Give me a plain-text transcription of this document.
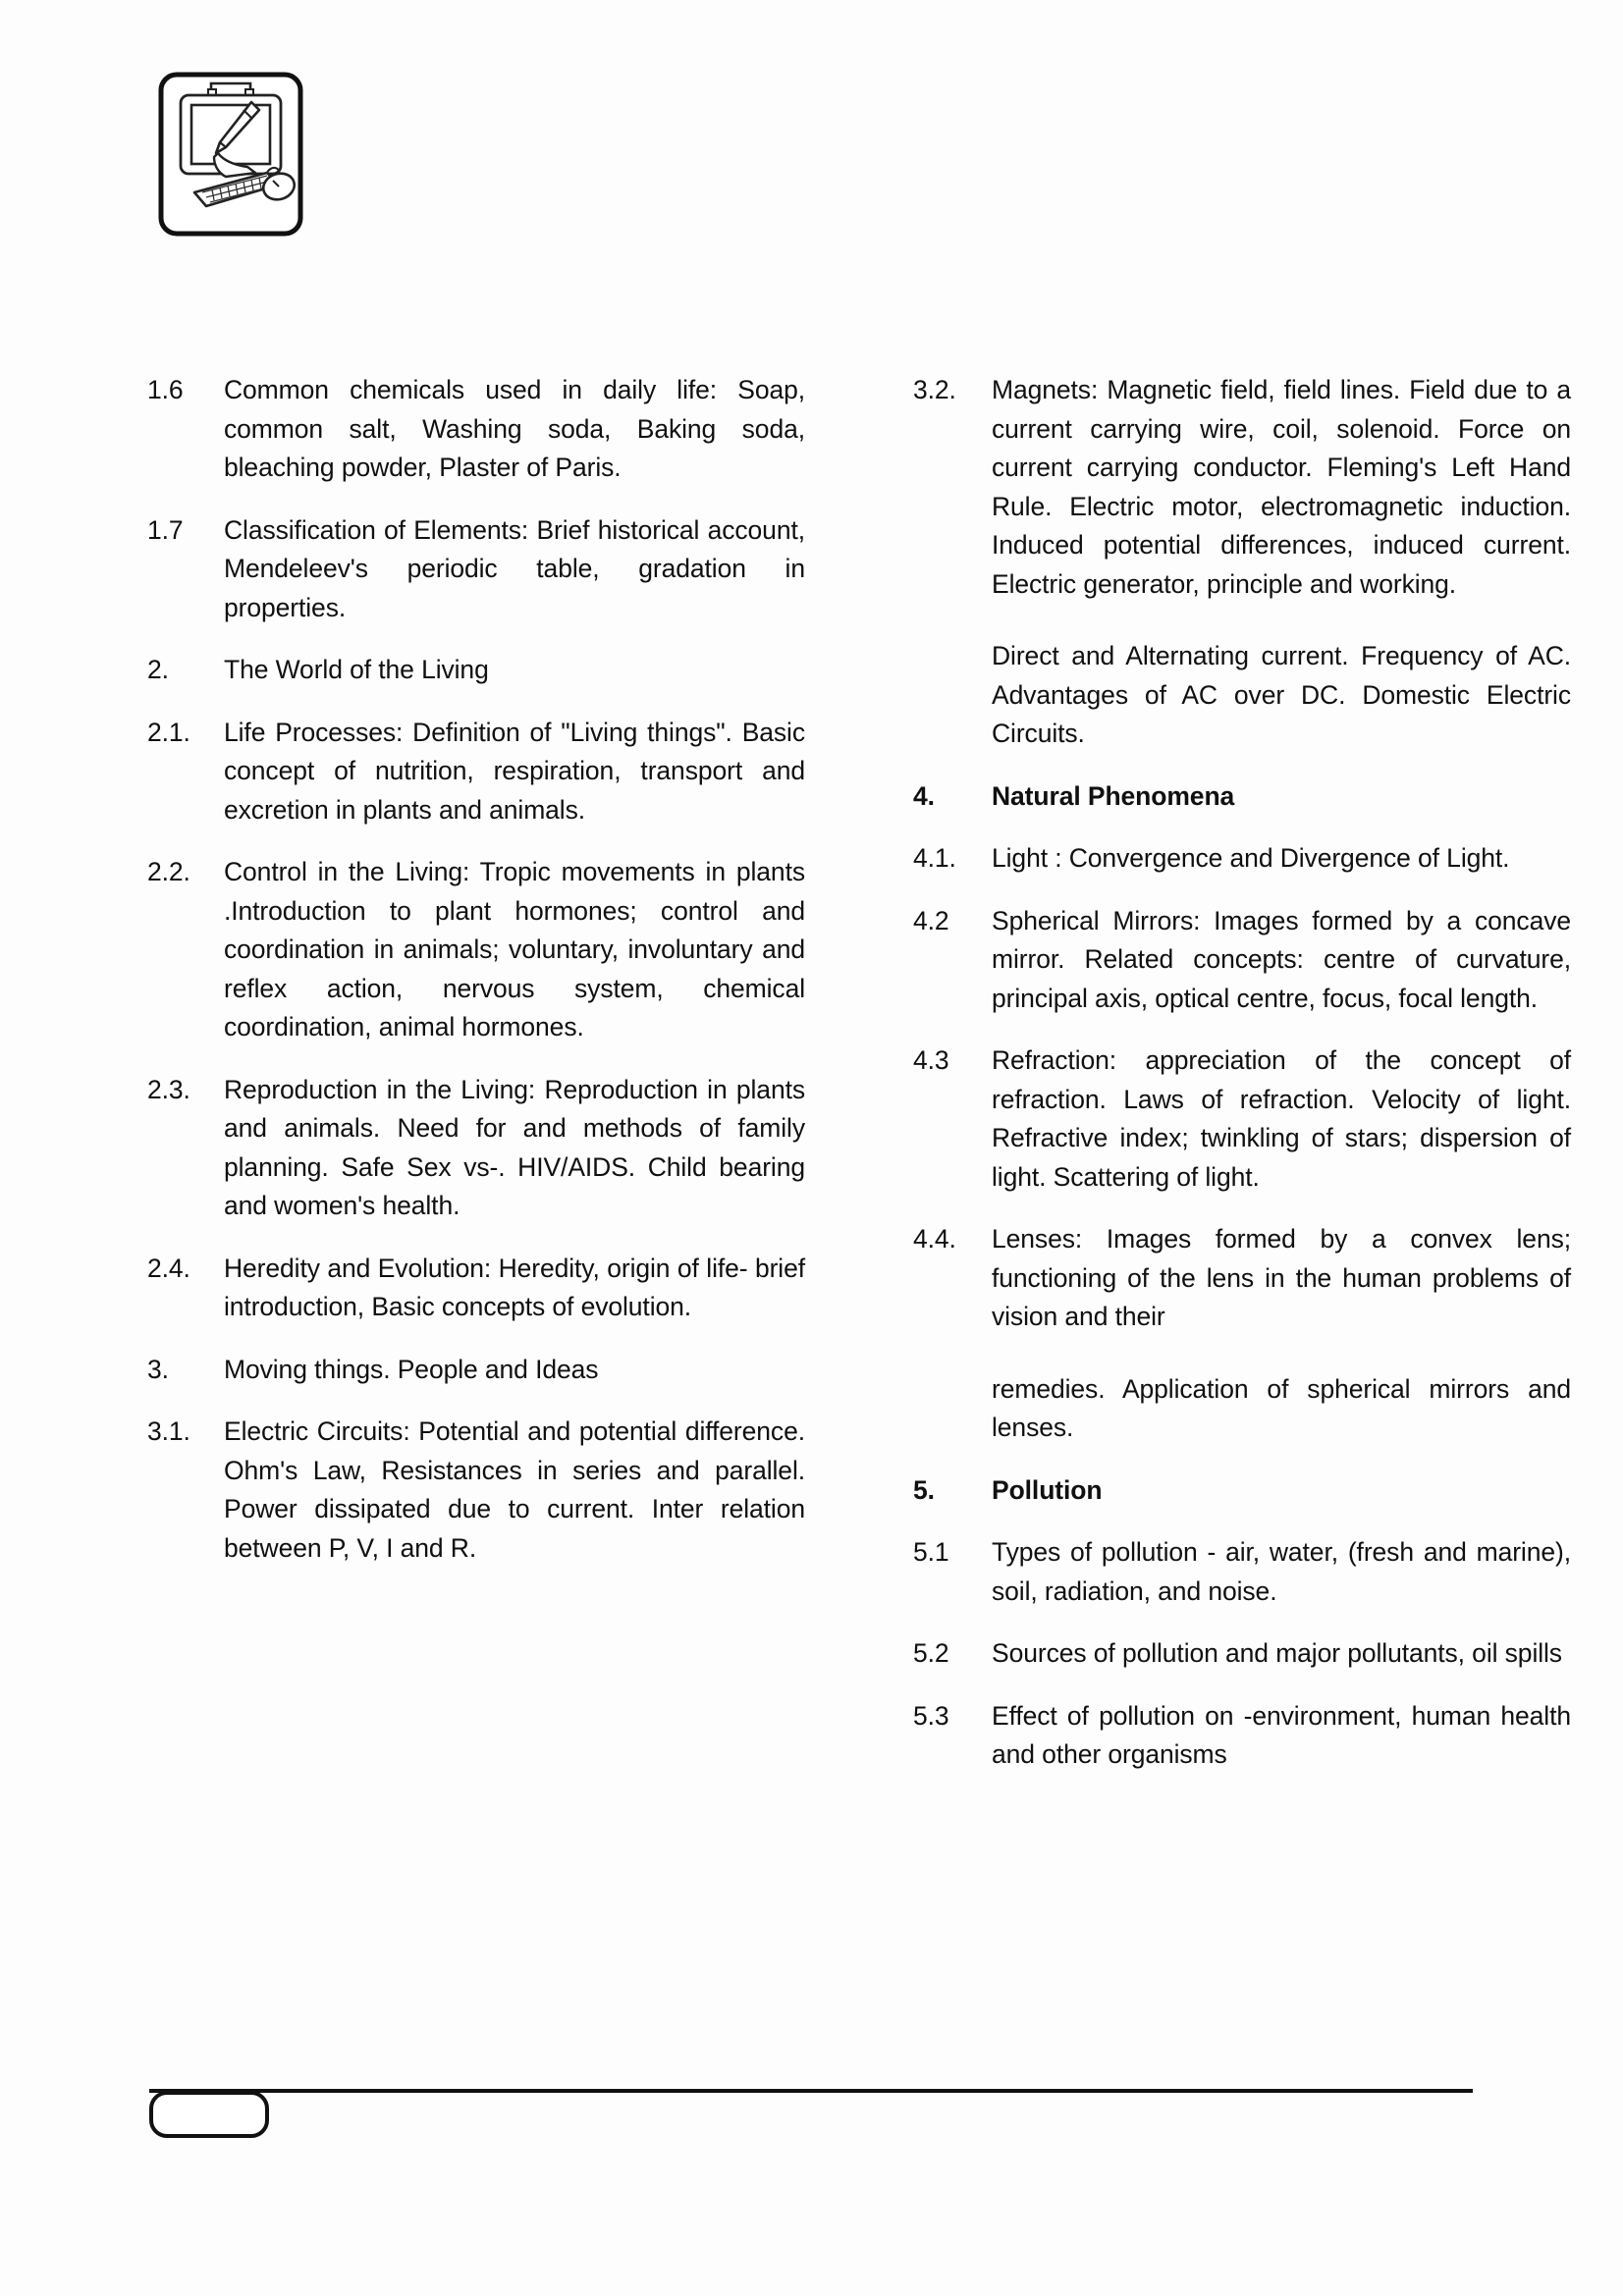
1.6	Common chemicals used in daily life: Soap, common salt, Washing soda, Baking soda, bleaching powder, Plaster of Paris.

1.7	Classification of Elements: Brief historical account, Mendeleev's periodic table, gradation in properties.

2.	The World of the Living

2.1.	Life Processes: Definition of "Living things". Basic concept of nutrition, respiration, transport and excretion in plants and animals.

2.2.	Control in the Living: Tropic movements in plants .Introduction to plant hormones; control and coordination in animals; voluntary, involuntary and reflex action, nervous system, chemical coordination, animal hormones.

2.3.	Reproduction in the Living: Reproduction in plants and animals. Need for and methods of family planning. Safe Sex vs-. HIV/AIDS. Child bearing and women's health.

2.4.	Heredity and Evolution: Heredity, origin of life- brief introduction, Basic concepts of evolution.

3.	Moving things. People and Ideas

3.1.	Electric Circuits: Potential and potential difference. Ohm's Law, Resistances in series and parallel. Power dissipated due to current. Inter relation between P, V, I and R.

3.2.	Magnets: Magnetic field, field lines. Field due to a current carrying wire, coil, solenoid. Force on current carrying conductor. Fleming's Left Hand Rule. Electric motor, electromagnetic induction. Induced potential differences, induced current. Electric generator, principle and working.

Direct and Alternating current. Frequency of AC. Advantages of AC over DC. Domestic Electric Circuits.

4.	Natural Phenomena

4.1.	Light : Convergence and Divergence of Light.

4.2	Spherical Mirrors: Images formed by a concave mirror. Related concepts: centre of curvature, principal axis, optical centre, focus, focal length.

4.3	Refraction: appreciation of the concept of refraction. Laws of refraction. Velocity of light. Refractive index; twinkling of stars; dispersion of light. Scattering of light.

4.4.	Lenses: Images formed by a convex lens; functioning of the lens in the human problems of vision and their

remedies. Application of spherical mirrors and lenses.

5.	Pollution

5.1	Types of pollution - air, water, (fresh and marine), soil, radiation, and noise.

5.2	Sources of pollution and major pollutants, oil spills

5.3	Effect of pollution on -environment, human health and other organisms
